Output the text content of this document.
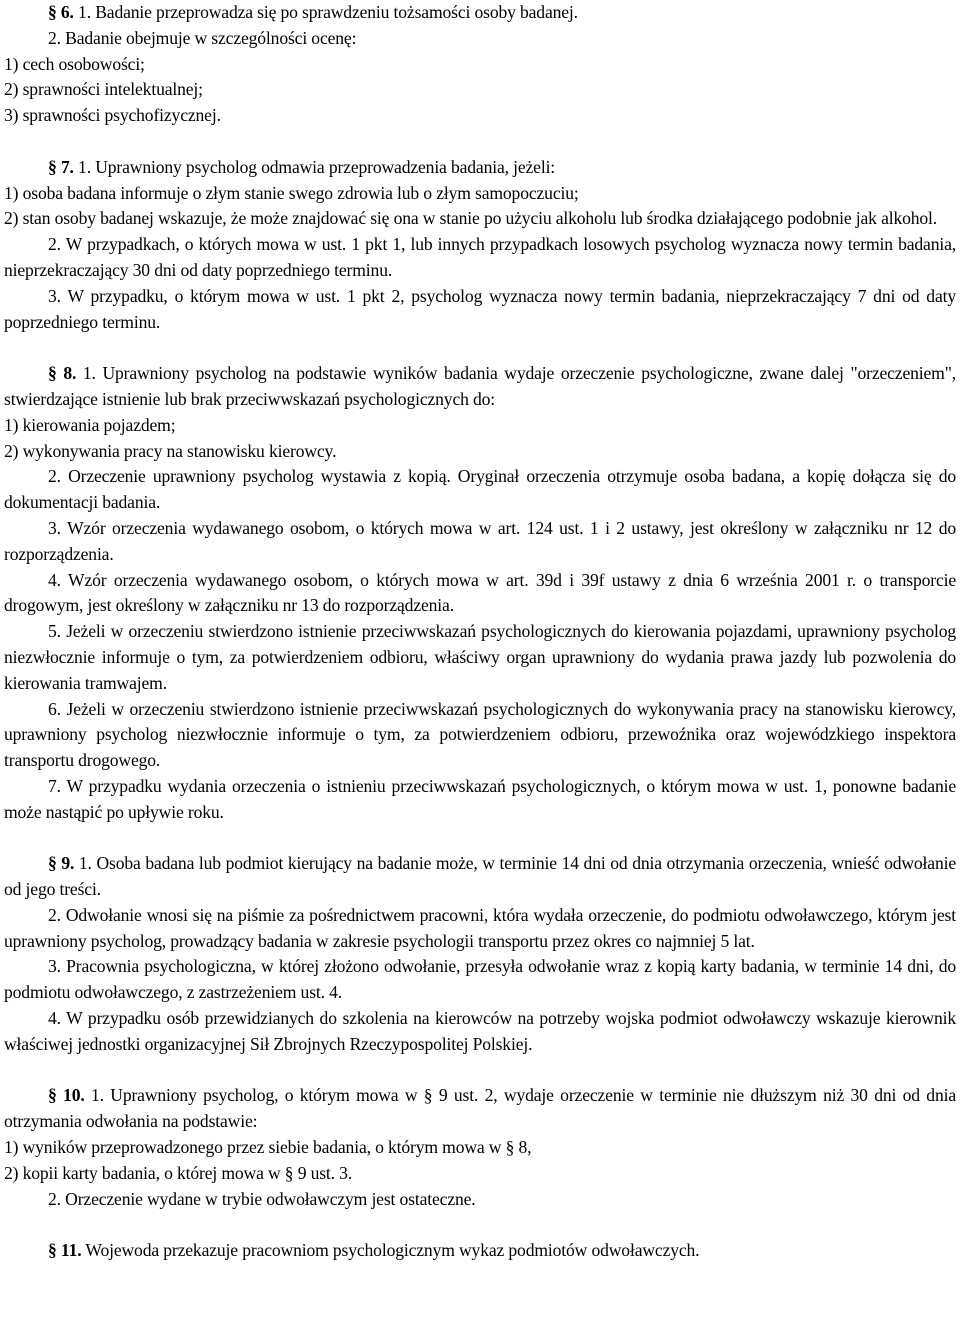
§ 6. 1. Badanie przeprowadza się po sprawdzeniu tożsamości osoby badanej.

2. Badanie obejmuje w szczególności ocenę:

1) cech osobowości;

2) sprawności intelektualnej;

3) sprawności psychofizycznej.

§ 7. 1. Uprawniony psycholog odmawia przeprowadzenia badania, jeżeli:

1) osoba badana informuje o złym stanie swego zdrowia lub o złym samopoczuciu;

2) stan osoby badanej wskazuje, że może znajdować się ona w stanie po użyciu alkoholu lub środka działającego podobnie jak alkohol.

2. W przypadkach, o których mowa w ust. 1 pkt 1, lub innych przypadkach losowych psycholog wyznacza nowy termin badania, nieprzekraczający 30 dni od daty poprzedniego terminu.

3. W przypadku, o którym mowa w ust. 1 pkt 2, psycholog wyznacza nowy termin badania, nieprzekraczający 7 dni od daty poprzedniego terminu.

§ 8. 1. Uprawniony psycholog na podstawie wyników badania wydaje orzeczenie psychologiczne, zwane dalej "orzeczeniem", stwierdzające istnienie lub brak przeciwwskazań psychologicznych do:

1) kierowania pojazdem;

2) wykonywania pracy na stanowisku kierowcy.

2. Orzeczenie uprawniony psycholog wystawia z kopią. Oryginał orzeczenia otrzymuje osoba badana, a kopię dołącza się do dokumentacji badania.

3. Wzór orzeczenia wydawanego osobom, o których mowa w art. 124 ust. 1 i 2 ustawy, jest określony w załączniku nr 12 do rozporządzenia.

4. Wzór orzeczenia wydawanego osobom, o których mowa w art. 39d i 39f ustawy z dnia 6 września 2001 r. o transporcie drogowym, jest określony w załączniku nr 13 do rozporządzenia.

5. Jeżeli w orzeczeniu stwierdzono istnienie przeciwwskazań psychologicznych do kierowania pojazdami, uprawniony psycholog niezwłocznie informuje o tym, za potwierdzeniem odbioru, właściwy organ uprawniony do wydania prawa jazdy lub pozwolenia do kierowania tramwajem.

6. Jeżeli w orzeczeniu stwierdzono istnienie przeciwwskazań psychologicznych do wykonywania pracy na stanowisku kierowcy, uprawniony psycholog niezwłocznie informuje o tym, za potwierdzeniem odbioru, przewoźnika oraz wojewódzkiego inspektora transportu drogowego.

7. W przypadku wydania orzeczenia o istnieniu przeciwwskazań psychologicznych, o którym mowa w ust. 1, ponowne badanie może nastąpić po upływie roku.

§ 9. 1. Osoba badana lub podmiot kierujący na badanie może, w terminie 14 dni od dnia otrzymania orzeczenia, wnieść odwołanie od jego treści.

2. Odwołanie wnosi się na piśmie za pośrednictwem pracowni, która wydała orzeczenie, do podmiotu odwoławczego, którym jest uprawniony psycholog, prowadzący badania w zakresie psychologii transportu przez okres co najmniej 5 lat.

3. Pracownia psychologiczna, w której złożono odwołanie, przesyła odwołanie wraz z kopią karty badania, w terminie 14 dni, do podmiotu odwoławczego, z zastrzeżeniem ust. 4.

4. W przypadku osób przewidzianych do szkolenia na kierowców na potrzeby wojska podmiot odwoławczy wskazuje kierownik właściwej jednostki organizacyjnej Sił Zbrojnych Rzeczypospolitej Polskiej.

§ 10. 1. Uprawniony psycholog, o którym mowa w § 9 ust. 2, wydaje orzeczenie w terminie nie dłuższym niż 30 dni od dnia otrzymania odwołania na podstawie:

1) wyników przeprowadzonego przez siebie badania, o którym mowa w § 8,

2) kopii karty badania, o której mowa w § 9 ust. 3.

2. Orzeczenie wydane w trybie odwoławczym jest ostateczne.

§ 11. Wojewoda przekazuje pracowniom psychologicznym wykaz podmiotów odwoławczych.
